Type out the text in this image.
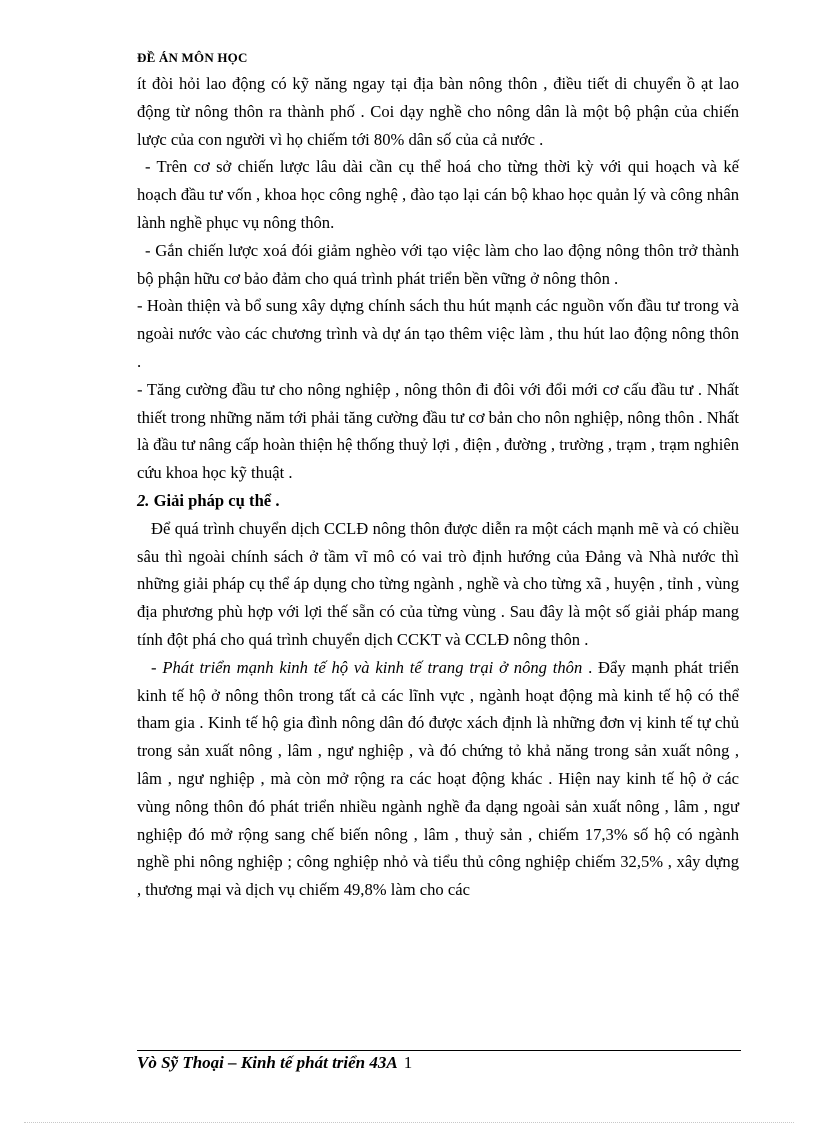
ĐỀ ÁN MÔN HỌC

ít đòi hỏi lao động có kỹ năng ngay tại địa bàn nông thôn , điều tiết di chuyển ồ ạt lao động từ nông thôn ra thành phố . Coi dạy nghề cho nông dân là một bộ phận của chiến lược của con người vì họ chiếm tới 80% dân số của cả nước .

- Trên cơ sở chiến lược lâu dài cần cụ thể hoá cho từng thời kỳ với qui hoạch và kế hoạch đầu tư vốn , khoa học công nghệ , đào tạo lại cán bộ khao học quản lý và công nhân lành nghề phục vụ nông thôn.

- Gắn chiến lược xoá đói giảm nghèo với tạo việc làm cho lao động nông thôn trở thành bộ phận hữu cơ bảo đảm cho quá trình phát triển bền vững ở nông thôn .

- Hoàn thiện và bổ sung xây dựng chính sách thu hút mạnh các nguồn vốn đầu tư trong và ngoài nước vào các chương trình và dự án tạo thêm việc làm , thu hút lao động nông thôn .

- Tăng cường đầu tư cho nông nghiệp , nông thôn đi đôi với đổi mới cơ cấu đầu tư . Nhất thiết trong những năm tới phải tăng cường đầu tư cơ bản cho nôn nghiệp, nông thôn . Nhất là đầu tư nâng cấp hoàn thiện hệ thống thuỷ lợi , điện , đường , trường , trạm , trạm nghiên cứu khoa học kỹ thuật .

2. Giải pháp cụ thể .

Để quá trình chuyển dịch CCLĐ nông thôn được diễn ra một cách mạnh mẽ và có chiều sâu thì ngoài chính sách ở tầm vĩ mô có vai trò định hướng của Đảng và Nhà nước thì những giải pháp cụ thể áp dụng cho từng ngành , nghề và cho từng xã , huyện , tỉnh , vùng địa phương phù hợp với lợi thế sẵn có của từng vùng . Sau đây là một số giải pháp mang tính đột phá cho quá trình chuyển dịch CCKT và CCLĐ nông thôn .

- Phát triển mạnh kinh tế hộ và kinh tế trang trại ở nông thôn . Đẩy mạnh phát triển kinh tế hộ ở nông thôn trong tất cả các lĩnh vực , ngành hoạt động mà kinh tế hộ có thể tham gia . Kinh tế hộ gia đình nông dân đó được xách định là những đơn vị kinh tế tự chủ trong sản xuất nông , lâm , ngư nghiệp , và đó chứng tỏ khả năng trong sản xuất nông , lâm , ngư nghiệp , mà còn mở rộng ra các hoạt động khác . Hiện nay kinh tế hộ ở các vùng nông thôn đó phát triển nhiều ngành nghề đa dạng ngoài sản xuất nông , lâm , ngư nghiệp đó mở rộng sang chế biến nông , lâm , thuỷ sản , chiếm 17,3% số hộ có ngành nghề phi nông nghiệp ; công nghiệp nhỏ và tiểu thủ công nghiệp chiếm 32,5% , xây dựng , thương mại và dịch vụ chiếm 49,8% làm cho các

Vò Sỹ Thoại – Kinh tế phát triển 43A 1
